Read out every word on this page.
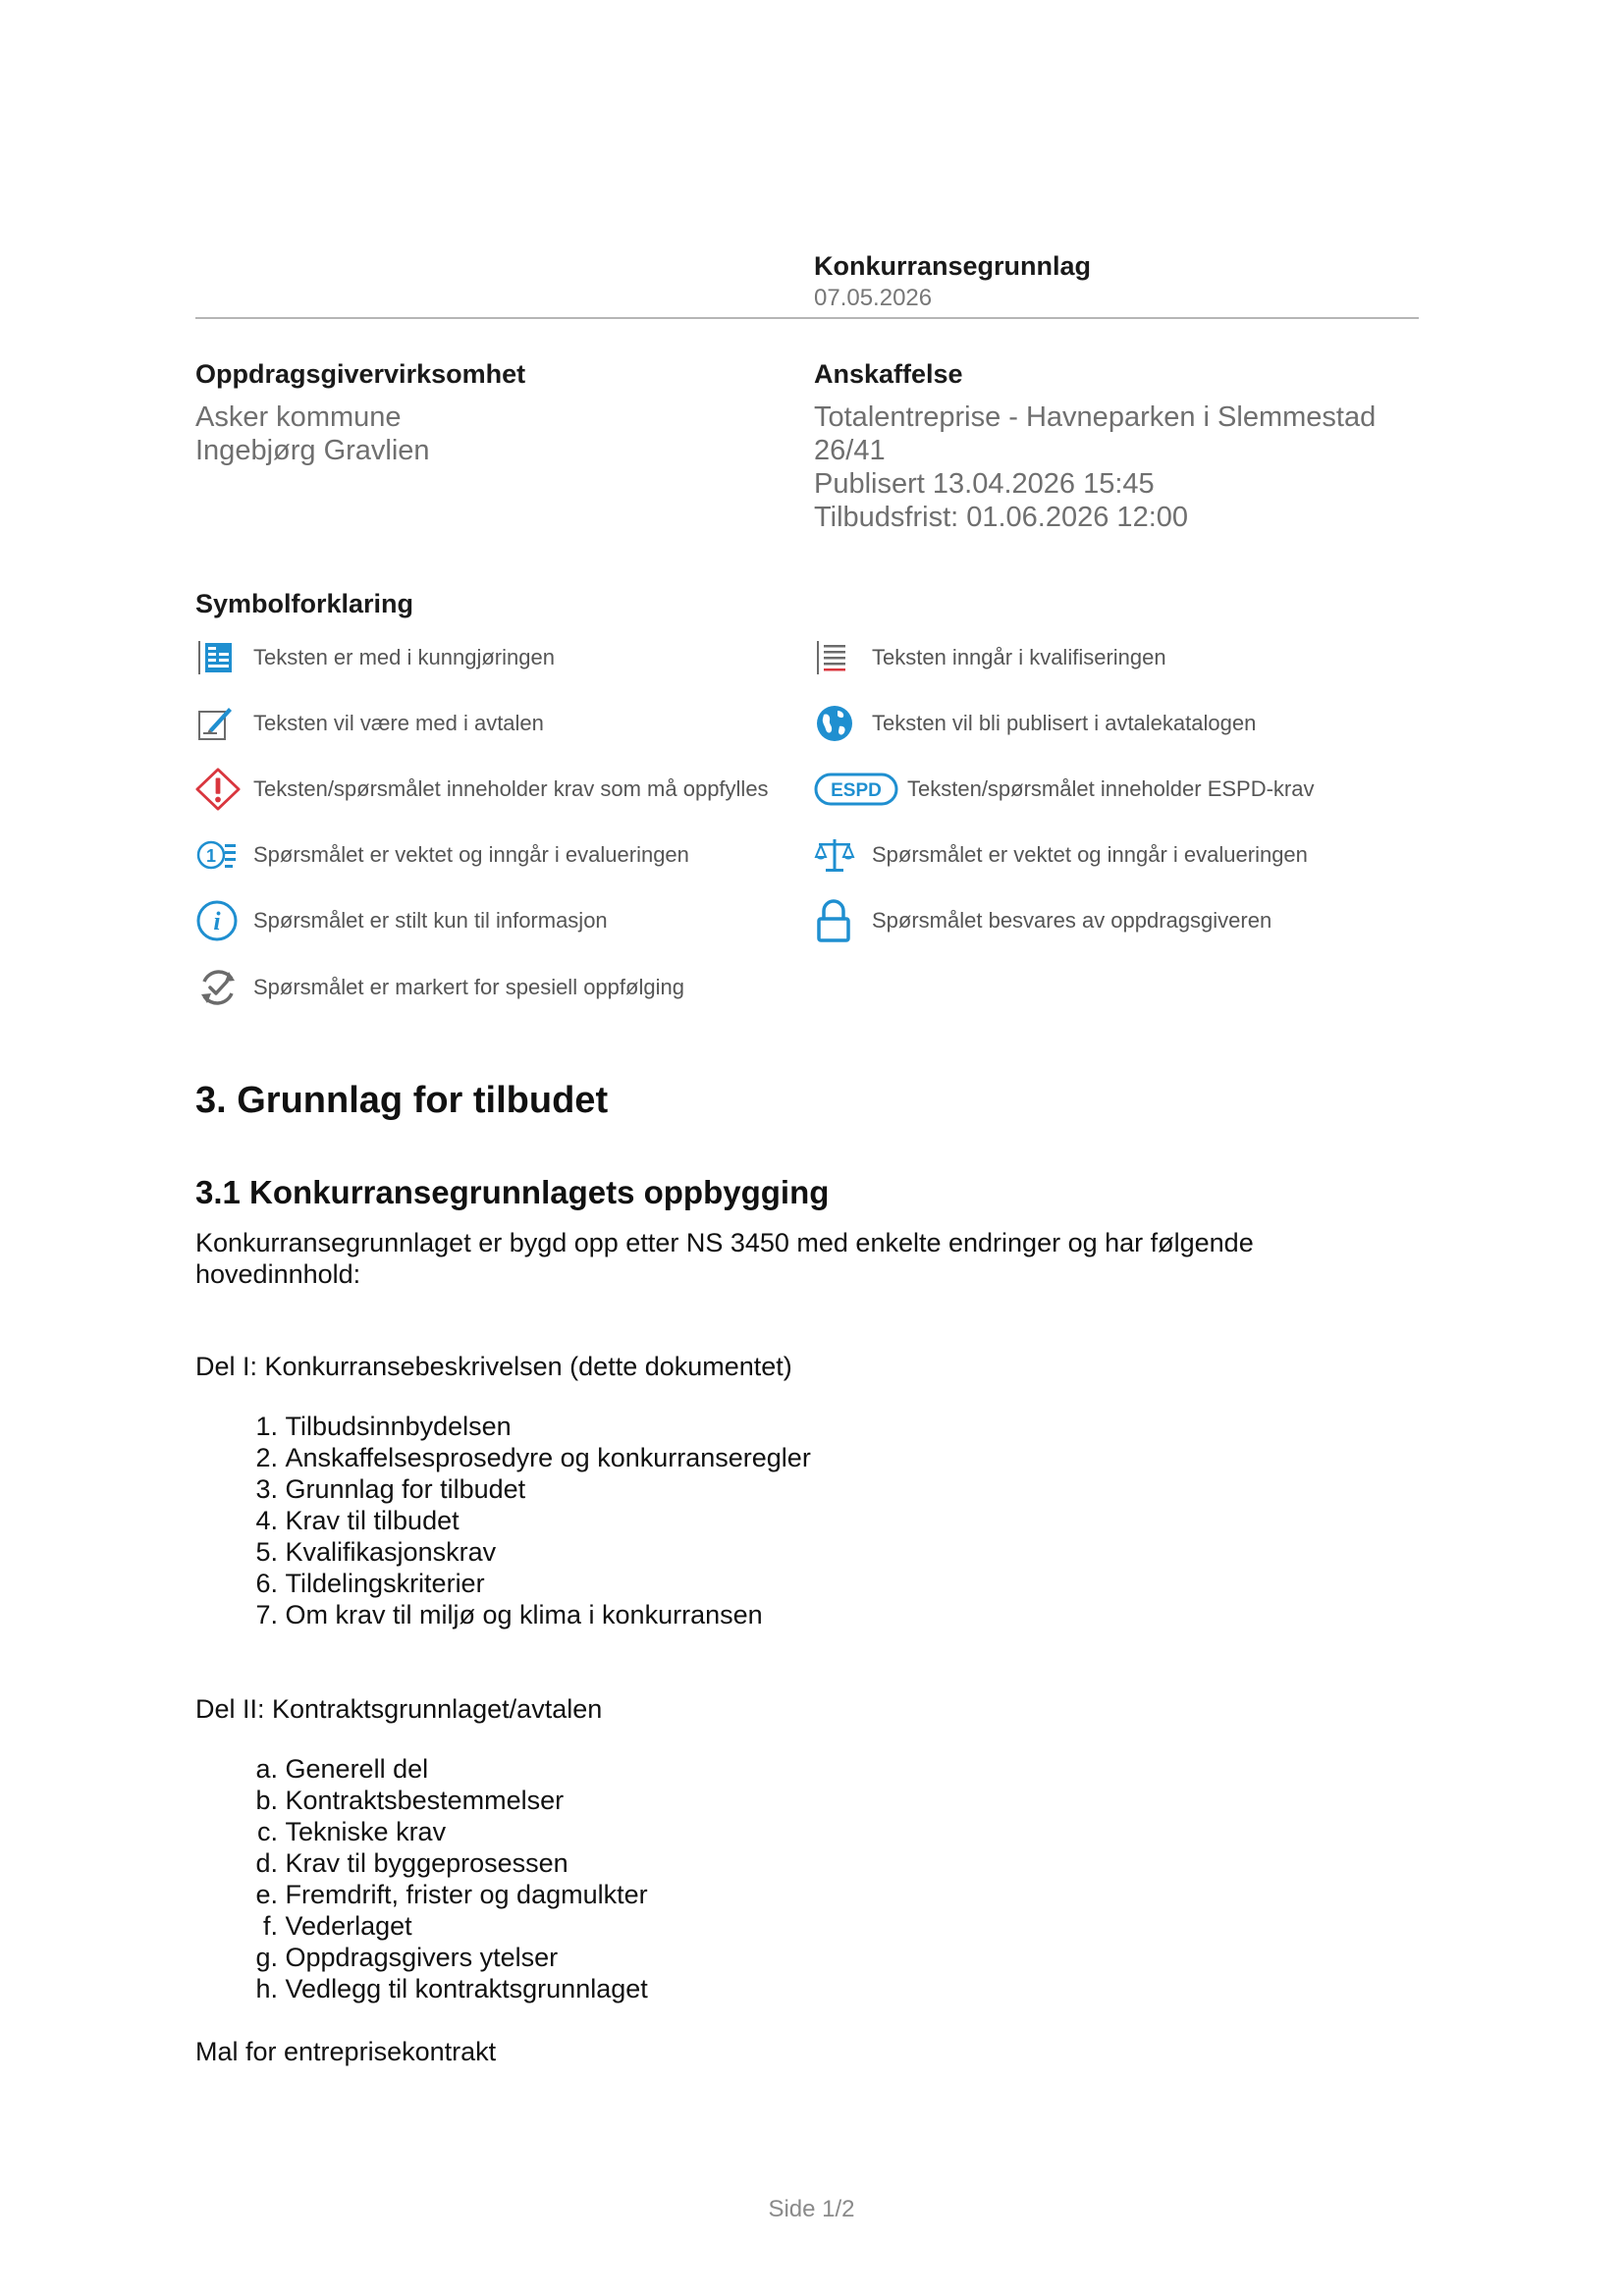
Konkurransegrunnlag
07.05.2026
Oppdragsgivervirksomhet
Asker kommune
Ingebjørg Gravlien
Anskaffelse
Totalentreprise - Havneparken i Slemmestad
26/41
Publisert 13.04.2026 15:45
Tilbudsfrist: 01.06.2026 12:00
Symbolforklaring
Teksten er med i kunngjøringen
Teksten vil være med i avtalen
Teksten/spørsmålet inneholder krav som må oppfylles
1 Spørsmålet er vektet og inngår i evalueringen
i Spørsmålet er stilt kun til informasjon
Spørsmålet er markert for spesiell oppfølging
Teksten inngår i kvalifiseringen
Teksten vil bli publisert i avtalekatalogen
ESPD Teksten/spørsmålet inneholder ESPD-krav
Spørsmålet er vektet og inngår i evalueringen
Spørsmålet besvares av oppdragsgiveren
3. Grunnlag for tilbudet
3.1 Konkurransegrunnlagets oppbygging
Konkurransegrunnlaget er bygd opp etter NS 3450 med enkelte endringer og har følgende
hovedinnhold:
Del I: Konkurransebeskrivelsen (dette dokumentet)
1.
Tilbudsinnbydelsen
2.
Anskaffelsesprosedyre og konkurranseregler
3.
Grunnlag for tilbudet
4.
Krav til tilbudet
5.
Kvalifikasjonskrav
6.
Tildelingskriterier
7.
Om krav til miljø og klima i konkurransen
Del II: Kontraktsgrunnlaget/avtalen
a.
Generell del
b.
Kontraktsbestemmelser
c.
Tekniske krav
d.
Krav til byggeprosessen
e.
Fremdrift, frister og dagmulkter
f.
Vederlaget
g.
Oppdragsgivers ytelser
h.
Vedlegg til kontraktsgrunnlaget
Mal for entreprisekontrakt
Side 1/2
